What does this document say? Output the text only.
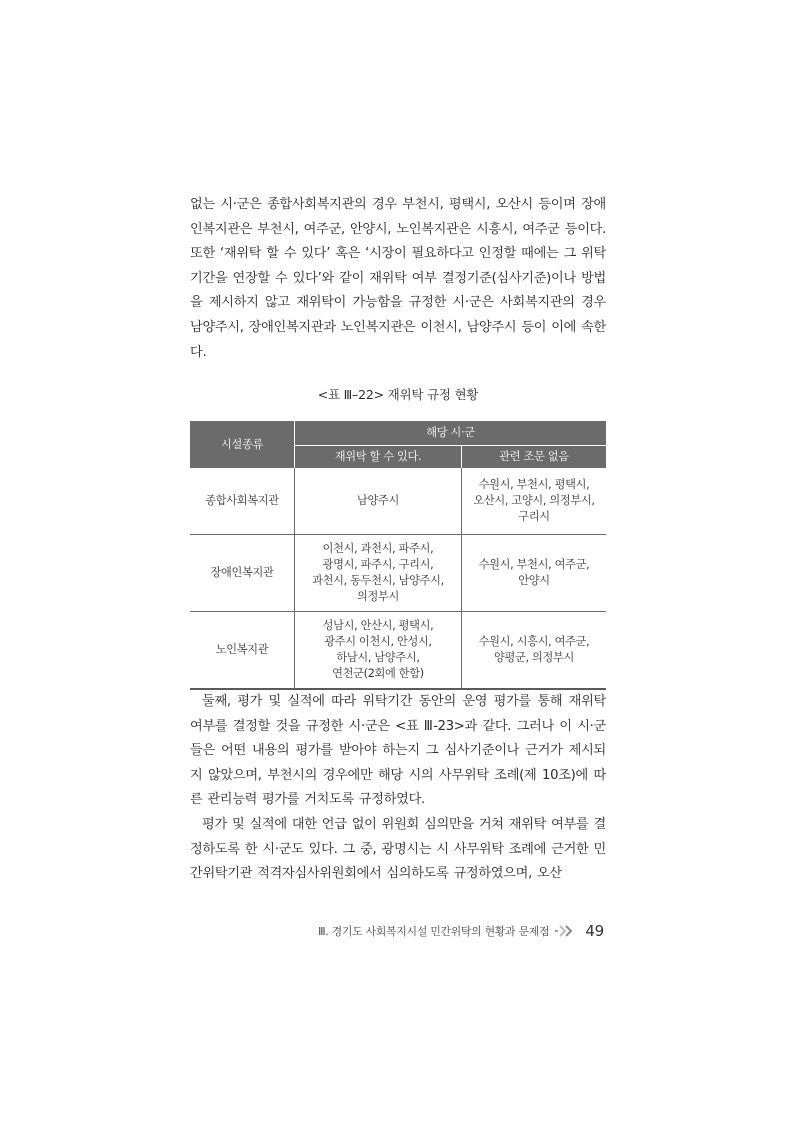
없는 시·군은 종합사회복지관의 경우 부천시, 평택시, 오산시 등이며 장애인복지관은 부천시, 여주군, 안양시, 노인복지관은 시흥시, 여주군 등이다. 또한 ‘재위탁 할 수 있다’ 혹은 ‘시장이 필요하다고 인정할 때에는 그 위탁기간을 연장할 수 있다’와 같이 재위탁 여부 결정기준(심사기준)이나 방법을 제시하지 않고 재위탁이 가능함을 규정한 시·군은 사회복지관의 경우 남양주시, 장애인복지관과 노인복지관은 이천시, 남양주시 등이 이에 속한다.

<표 Ⅲ–22> 재위탁 규정 현황
시설종류	해당 시·군	
	재위탁 할 수 있다.	관련 조문 없음
종합사회복지관	남양주시	수원시, 부천시, 평택시,
오산시, 고양시, 의정부시,
구리시
장애인복지관	이천시, 과천시, 파주시,
광명시, 파주시, 구리시,
과천시, 동두천시, 남양주시,
의정부시	수원시, 부천시, 여주군,
안양시
노인복지관	성남시, 안산시, 평택시,
광주시 이천시, 안성시,
하남시, 남양주시,
연천군(2회에 한함)	수원시, 시흥시, 여주군,
양평군, 의정부시

둘째, 평가 및 실적에 따라 위탁기간 동안의 운영 평가를 통해 재위탁 여부를 결정할 것을 규정한 시·군은 <표 Ⅲ-23>과 같다. 그러나 이 시·군들은 어떤 내용의 평가를 받아야 하는지 그 심사기준이나 근거가 제시되지 않았으며, 부천시의 경우에만 해당 시의 사무위탁 조례(제 10조)에 따른 관리능력 평가를 거치도록 규정하였다.

평가 및 실적에 대한 언급 없이 위원회 심의만을 거쳐 재위탁 여부를 결정하도록 한 시·군도 있다. 그 중, 광명시는 시 사무위탁 조례에 근거한 민간위탁기관 적격자심사위원회에서 심의하도록 규정하였으며, 오산

Ⅲ. 경기도 사회복지시설 민간위탁의 현황과 문제점 49
